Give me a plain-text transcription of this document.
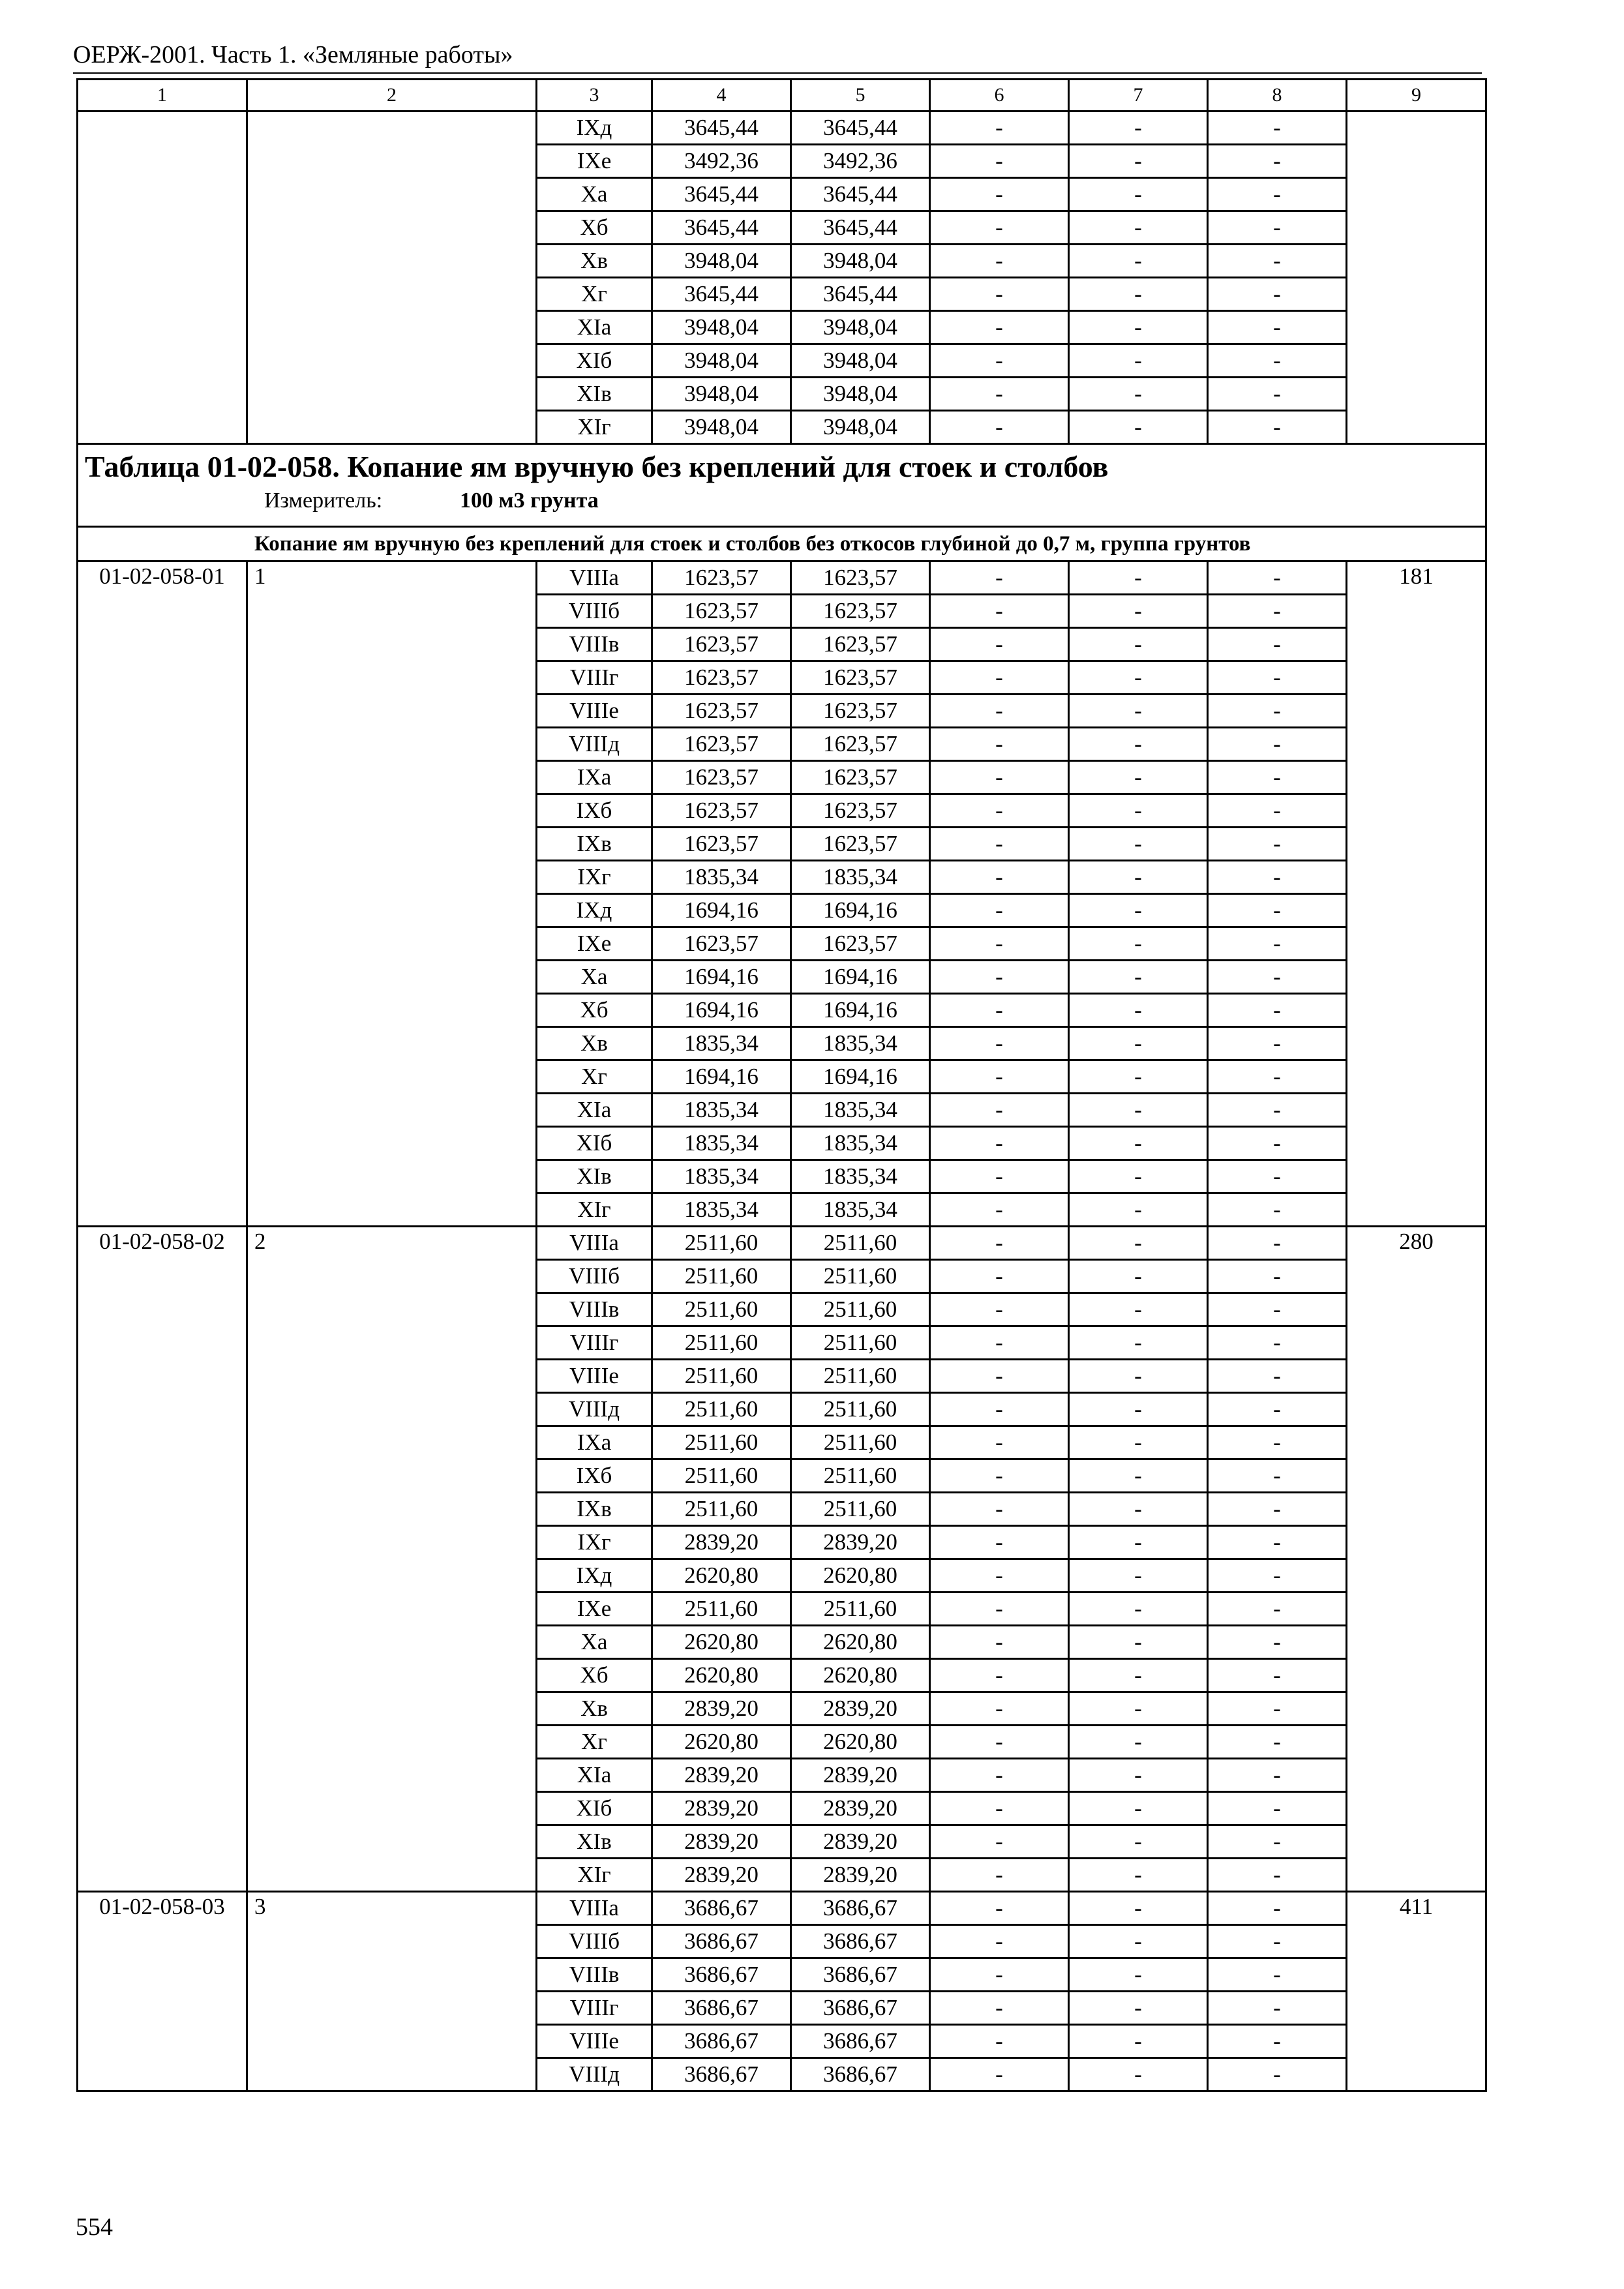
ОЕРЖ-2001. Часть 1. «Земляные работы»
1	2	3	4	5	6	7	8	9
		IXд	3645,44	3645,44	-	-	-	
		IXе	3492,36	3492,36	-	-	-	
		Xа	3645,44	3645,44	-	-	-	
		Xб	3645,44	3645,44	-	-	-	
		Xв	3948,04	3948,04	-	-	-	
		Xг	3645,44	3645,44	-	-	-	
		XIа	3948,04	3948,04	-	-	-	
		XIб	3948,04	3948,04	-	-	-	
		XIв	3948,04	3948,04	-	-	-	
		XIг	3948,04	3948,04	-	-	-	

Таблица 01-02-058. Копание ям вручную без креплений для стоек и столбов
Измеритель: 100 м3 грунта								

Копание ям вручную без креплений для стоек и столбов без откосов глубиной до 0,7 м, группа грунтов								
01-02-058-01	1	VIIIа	1623,57	1623,57	-	-	-	181
		VIIIб	1623,57	1623,57	-	-	-	
		VIIIв	1623,57	1623,57	-	-	-	
		VIIIг	1623,57	1623,57	-	-	-	
		VIIIе	1623,57	1623,57	-	-	-	
		VIIIд	1623,57	1623,57	-	-	-	
		IXа	1623,57	1623,57	-	-	-	
		IXб	1623,57	1623,57	-	-	-	
		IXв	1623,57	1623,57	-	-	-	
		IXг	1835,34	1835,34	-	-	-	
		IXд	1694,16	1694,16	-	-	-	
		IXе	1623,57	1623,57	-	-	-	
		Xа	1694,16	1694,16	-	-	-	
		Xб	1694,16	1694,16	-	-	-	
		Xв	1835,34	1835,34	-	-	-	
		Xг	1694,16	1694,16	-	-	-	
		XIа	1835,34	1835,34	-	-	-	
		XIб	1835,34	1835,34	-	-	-	
		XIв	1835,34	1835,34	-	-	-	
		XIг	1835,34	1835,34	-	-	-	
01-02-058-02	2	VIIIа	2511,60	2511,60	-	-	-	280
		VIIIб	2511,60	2511,60	-	-	-	
		VIIIв	2511,60	2511,60	-	-	-	
		VIIIг	2511,60	2511,60	-	-	-	
		VIIIе	2511,60	2511,60	-	-	-	
		VIIIд	2511,60	2511,60	-	-	-	
		IXа	2511,60	2511,60	-	-	-	
		IXб	2511,60	2511,60	-	-	-	
		IXв	2511,60	2511,60	-	-	-	
		IXг	2839,20	2839,20	-	-	-	
		IXд	2620,80	2620,80	-	-	-	
		IXе	2511,60	2511,60	-	-	-	
		Xа	2620,80	2620,80	-	-	-	
		Xб	2620,80	2620,80	-	-	-	
		Xв	2839,20	2839,20	-	-	-	
		Xг	2620,80	2620,80	-	-	-	
		XIа	2839,20	2839,20	-	-	-	
		XIб	2839,20	2839,20	-	-	-	
		XIв	2839,20	2839,20	-	-	-	
		XIг	2839,20	2839,20	-	-	-	
01-02-058-03	3	VIIIа	3686,67	3686,67	-	-	-	411
		VIIIб	3686,67	3686,67	-	-	-	
		VIIIв	3686,67	3686,67	-	-	-	
		VIIIг	3686,67	3686,67	-	-	-	
		VIIIе	3686,67	3686,67	-	-	-	
		VIIIд	3686,67	3686,67	-	-	-	
554
